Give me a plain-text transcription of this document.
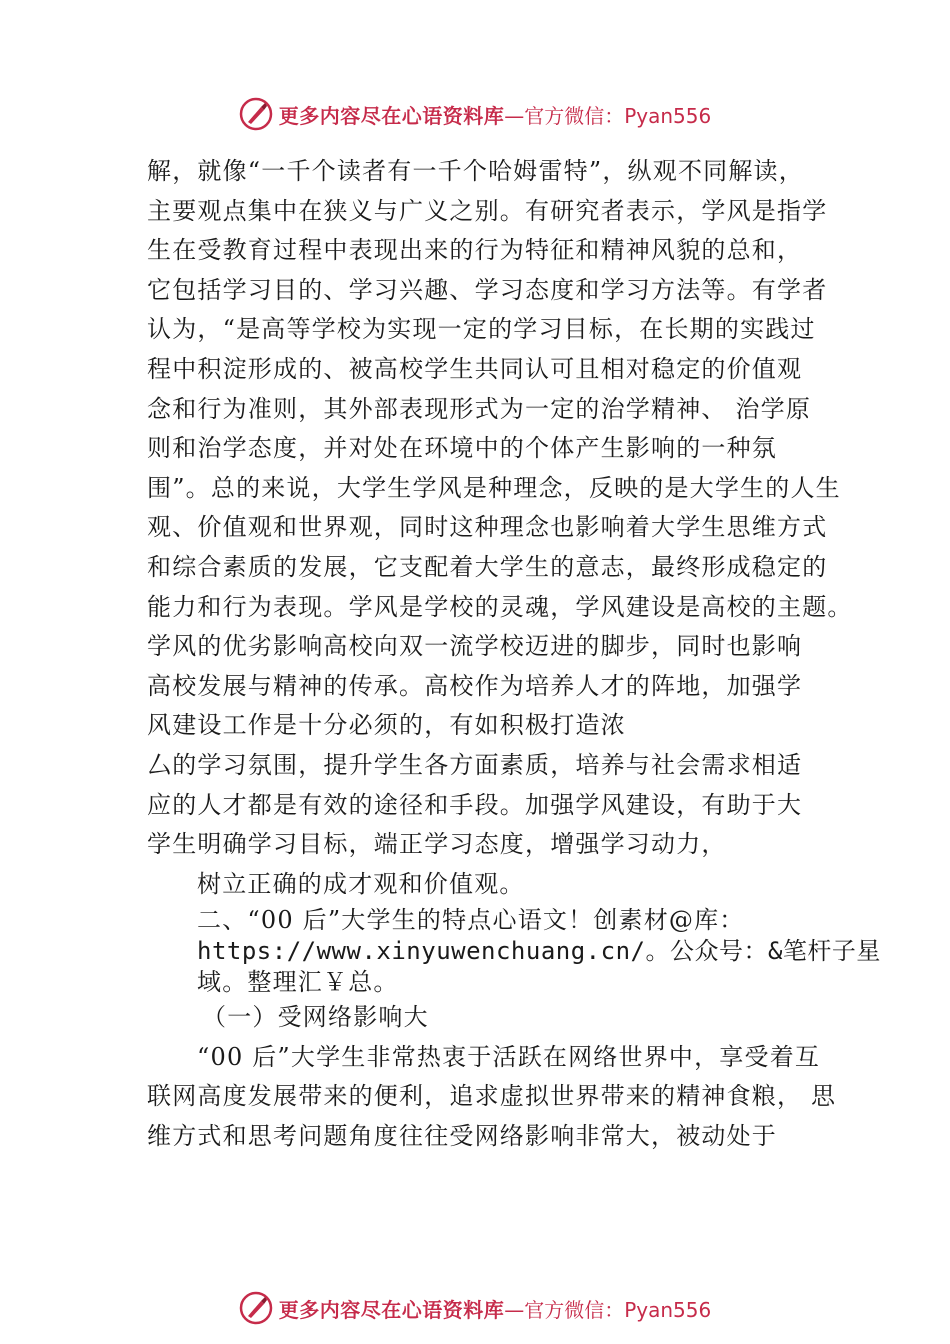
更多内容尽在心语资料库 —官方微信：Pyan556
解，就像“一千个读者有一千个哈姆雷特”，纵观不同解读，
主要观点集中在狭义与广义之别。有研究者表示，学风是指学
生在受教育过程中表现出来的行为特征和精神风貌的总和，
它包括学习目的、学习兴趣、学习态度和学习方法等。有学者
认为，“是高等学校为实现一定的学习目标，在长期的实践过
程中积淀形成的、被高校学生共同认可且相对稳定的价值观
念和行为准则，其外部表现形式为一定的治学精神、 治学原
则和治学态度，并对处在环境中的个体产生影响的一种氛
围”。总的来说，大学生学风是种理念，反映的是大学生的人生
观、价值观和世界观，同时这种理念也影响着大学生思维方式
和综合素质的发展，它支配着大学生的意志，最终形成稳定的
能力和行为表现。学风是学校的灵魂，学风建设是高校的主题。
学风的优劣影响高校向双一流学校迈进的脚步，同时也影响
高校发展与精神的传承。高校作为培养人才的阵地，加强学
风建设工作是十分必须的，有如积极打造浓
厶的学习氛围，提升学生各方面素质，培养与社会需求相适
应的人才都是有效的途径和手段。加强学风建设，有助于大
学生明确学习目标，端正学习态度，增强学习动力，
树立正确的成才观和价值观。
二、“00 后”大学生的特点心语文！创素材@库：
https://www.xinyuwenchuang.cn/。公众号：&笔杆子星
域。整理汇￥总。
（一）受网络影响大
“00 后”大学生非常热衷于活跃在网络世界中，享受着互
联网高度发展带来的便利，追求虚拟世界带来的精神食粮， 思
维方式和思考问题角度往往受网络影响非常大，被动处于
更多内容尽在心语资料库 —官方微信：Pyan556
